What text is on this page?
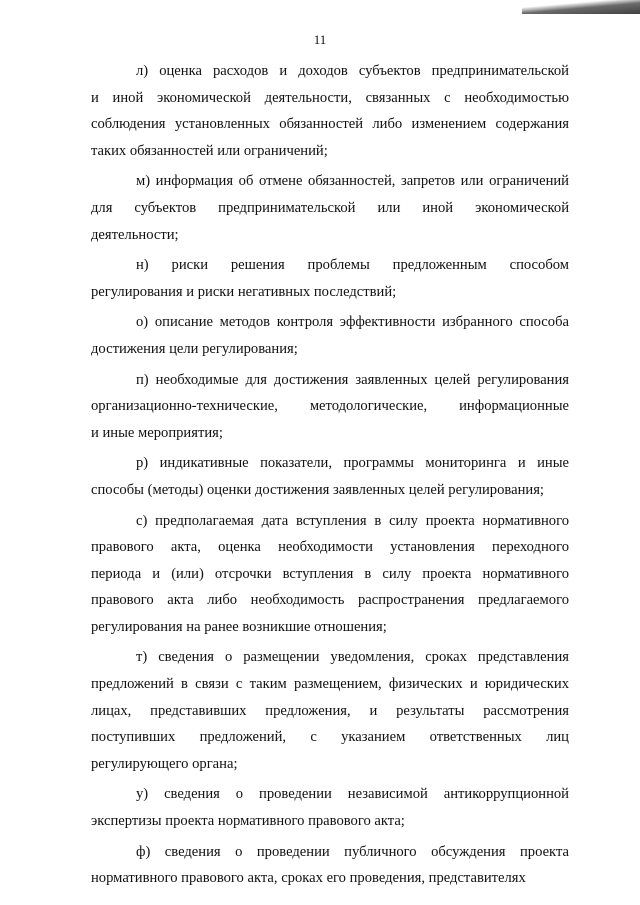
11

л) оценка расходов и доходов субъектов предпринимательской
и иной экономической деятельности, связанных с необходимостью
соблюдения установленных обязанностей либо изменением содержания
таких обязанностей или ограничений;

м) информация об отмене обязанностей, запретов или ограничений
для субъектов предпринимательской или иной экономической
деятельности;

н) риски решения проблемы предложенным способом
регулирования и риски негативных последствий;

о) описание методов контроля эффективности избранного способа
достижения цели регулирования;

п) необходимые для достижения заявленных целей регулирования
организационно-технические, методологические, информационные
и иные мероприятия;

р) индикативные показатели, программы мониторинга и иные
способы (методы) оценки достижения заявленных целей регулирования;

с) предполагаемая дата вступления в силу проекта нормативного
правового акта, оценка необходимости установления переходного
периода и (или) отсрочки вступления в силу проекта нормативного
правового акта либо необходимость распространения предлагаемого
регулирования на ранее возникшие отношения;

т) сведения о размещении уведомления, сроках представления
предложений в связи с таким размещением, физических и юридических
лицах, представивших предложения, и результаты рассмотрения
поступивших предложений, с указанием ответственных лиц
регулирующего органа;

у) сведения о проведении независимой антикоррупционной
экспертизы проекта нормативного правового акта;

ф) сведения о проведении публичного обсуждения проекта
нормативного правового акта, сроках его проведения, представителях
